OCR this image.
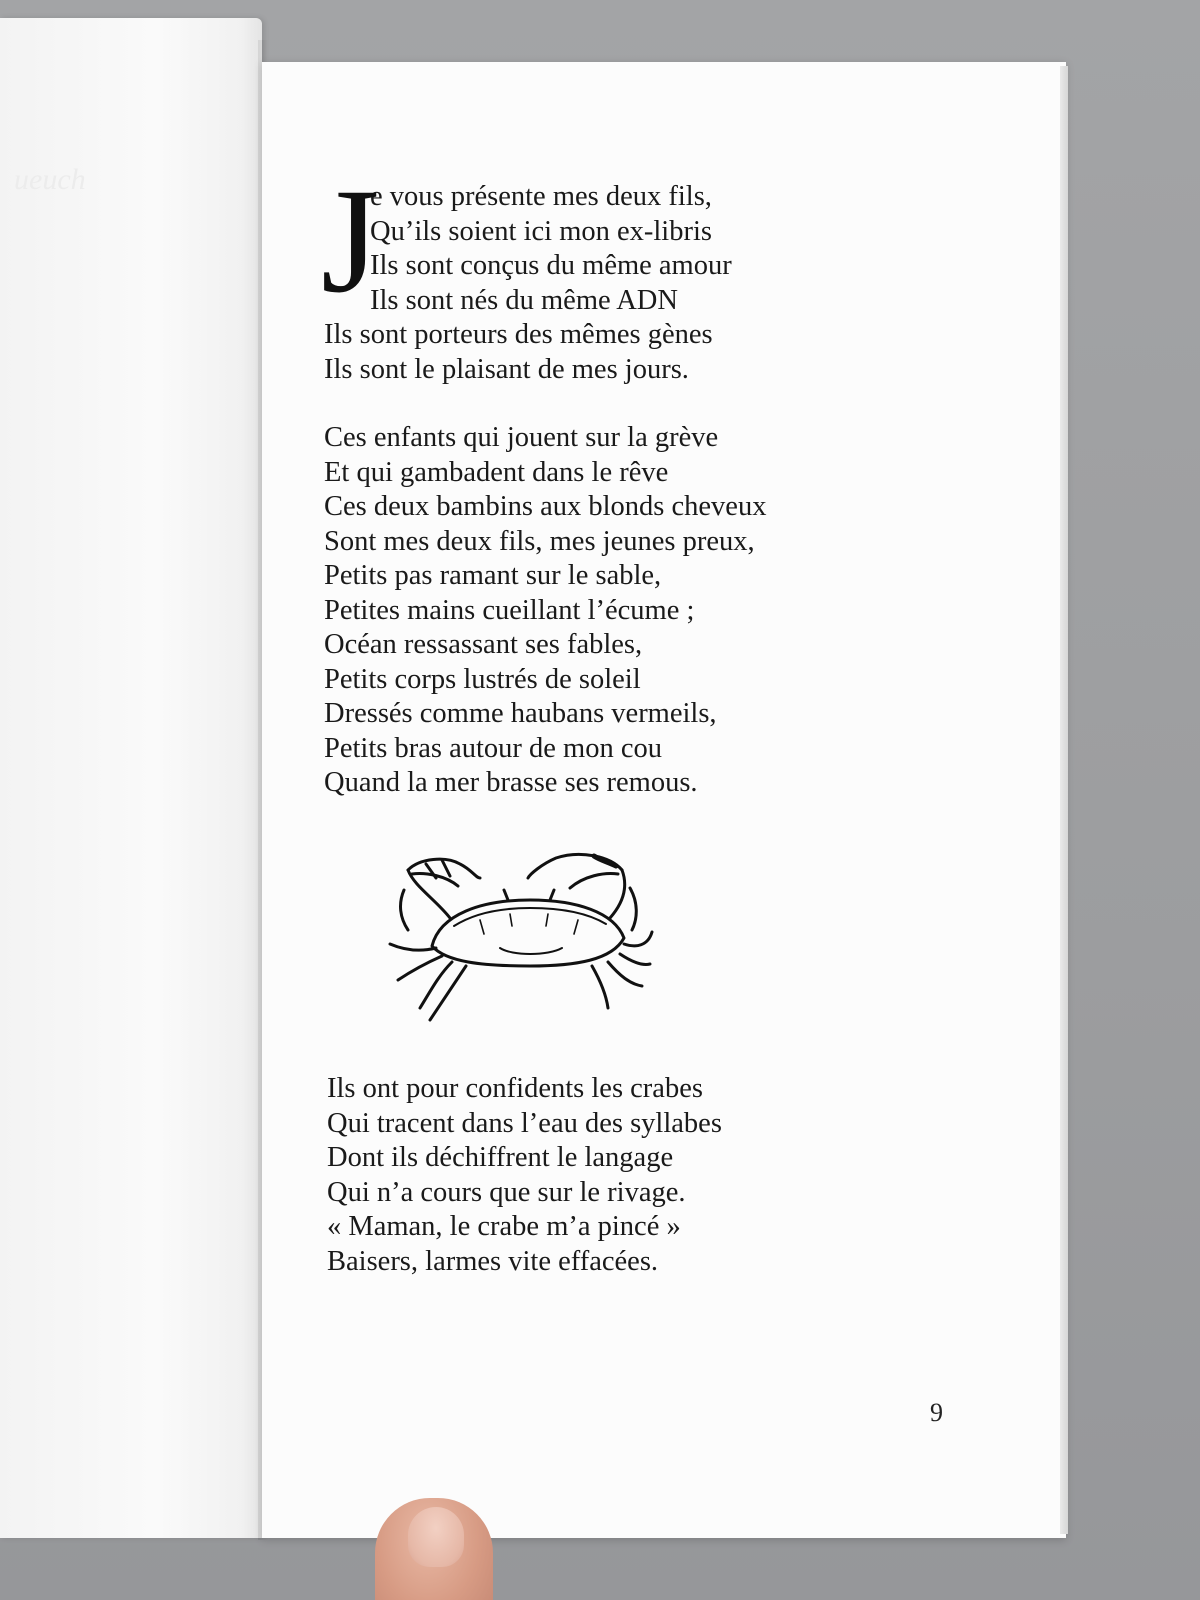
ueuch J
e vous présente mes deux fils,
Qu’ils soient ici mon ex-libris
Ils sont conçus du même amour
Ils sont nés du même ADN
Ils sont porteurs des mêmes gènes
Ils sont le plaisant de mes jours.
Ces enfants qui jouent sur la grève
Et qui gambadent dans le rêve
Ces deux bambins aux blonds cheveux
Sont mes deux fils, mes jeunes preux,
Petits pas ramant sur le sable,
Petites mains cueillant l’écume ;
Océan ressassant ses fables,
Petits corps lustrés de soleil
Dressés comme haubans vermeils,
Petits bras autour de mon cou
Quand la mer brasse ses remous.
Ils ont pour confidents les crabes
Qui tracent dans l’eau des syllabes
Dont ils déchiffrent le langage
Qui n’a cours que sur le rivage.
« Maman, le crabe m’a pincé »
Baisers, larmes vite effacées.
9
